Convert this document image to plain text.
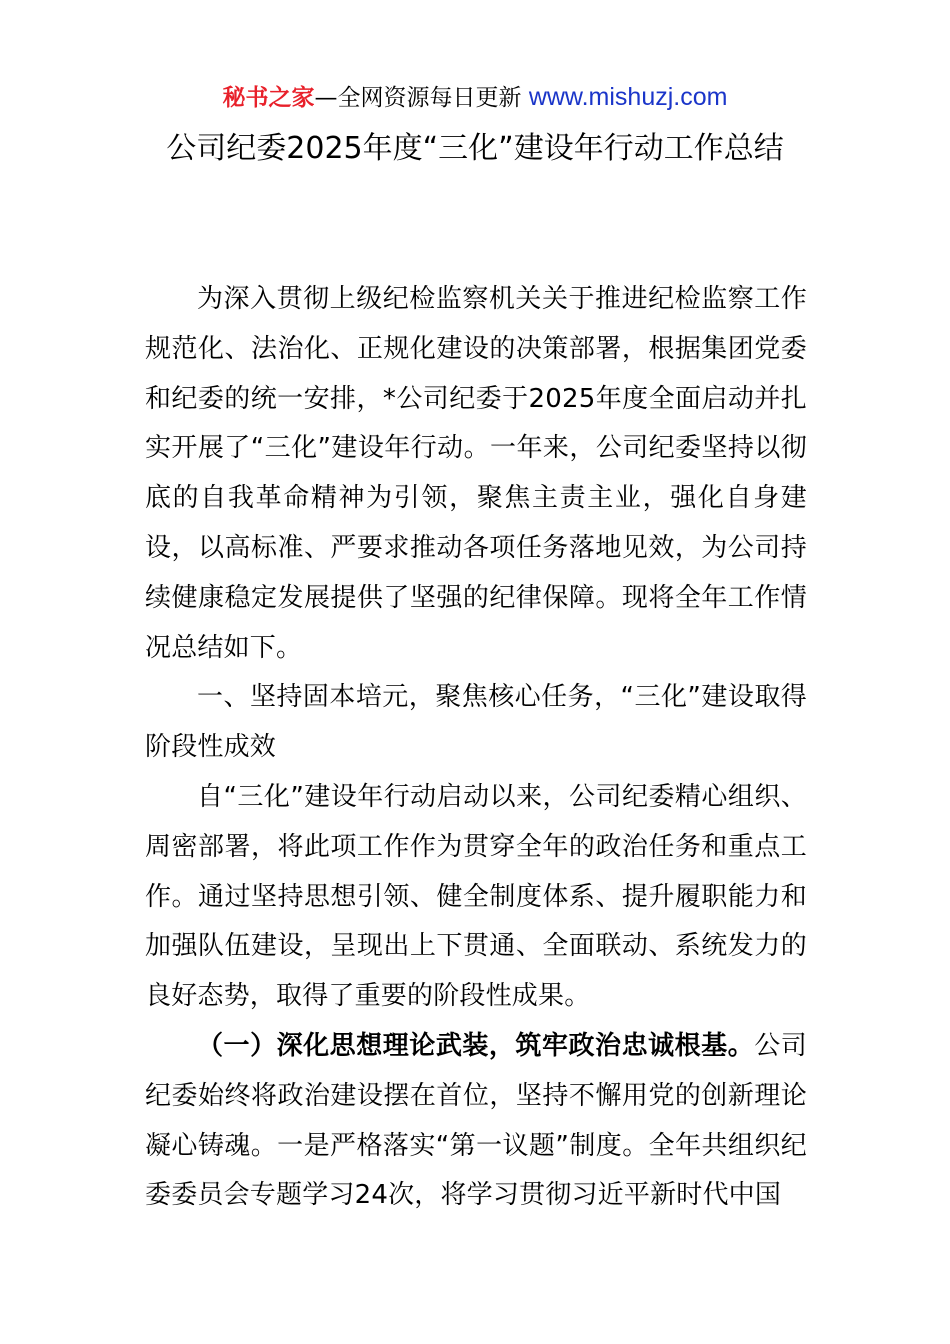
秘书之家—全网资源每日更新 www.mishuzj.com
公司纪委2025年度“三化”建设年行动工作总结

为深入贯彻上级纪检监察机关关于推进纪检监察工作规范化、法治化、正规化建设的决策部署，根据集团党委和纪委的统一安排，*公司纪委于2025年度全面启动并扎实开展了“三化”建设年行动。一年来，公司纪委坚持以彻底的自我革命精神为引领，聚焦主责主业，强化自身建设，以高标准、严要求推动各项任务落地见效，为公司持续健康稳定发展提供了坚强的纪律保障。现将全年工作情况总结如下。

一、坚持固本培元，聚焦核心任务，“三化”建设取得阶段性成效

自“三化”建设年行动启动以来，公司纪委精心组织、周密部署，将此项工作作为贯穿全年的政治任务和重点工作。通过坚持思想引领、健全制度体系、提升履职能力和加强队伍建设，呈现出上下贯通、全面联动、系统发力的良好态势，取得了重要的阶段性成果。

（一）深化思想理论武装，筑牢政治忠诚根基。公司纪委始终将政治建设摆在首位，坚持不懈用党的创新理论凝心铸魂。一是严格落实“第一议题”制度。全年共组织纪委委员会专题学习24次，将学习贯彻习近平新时代中国
